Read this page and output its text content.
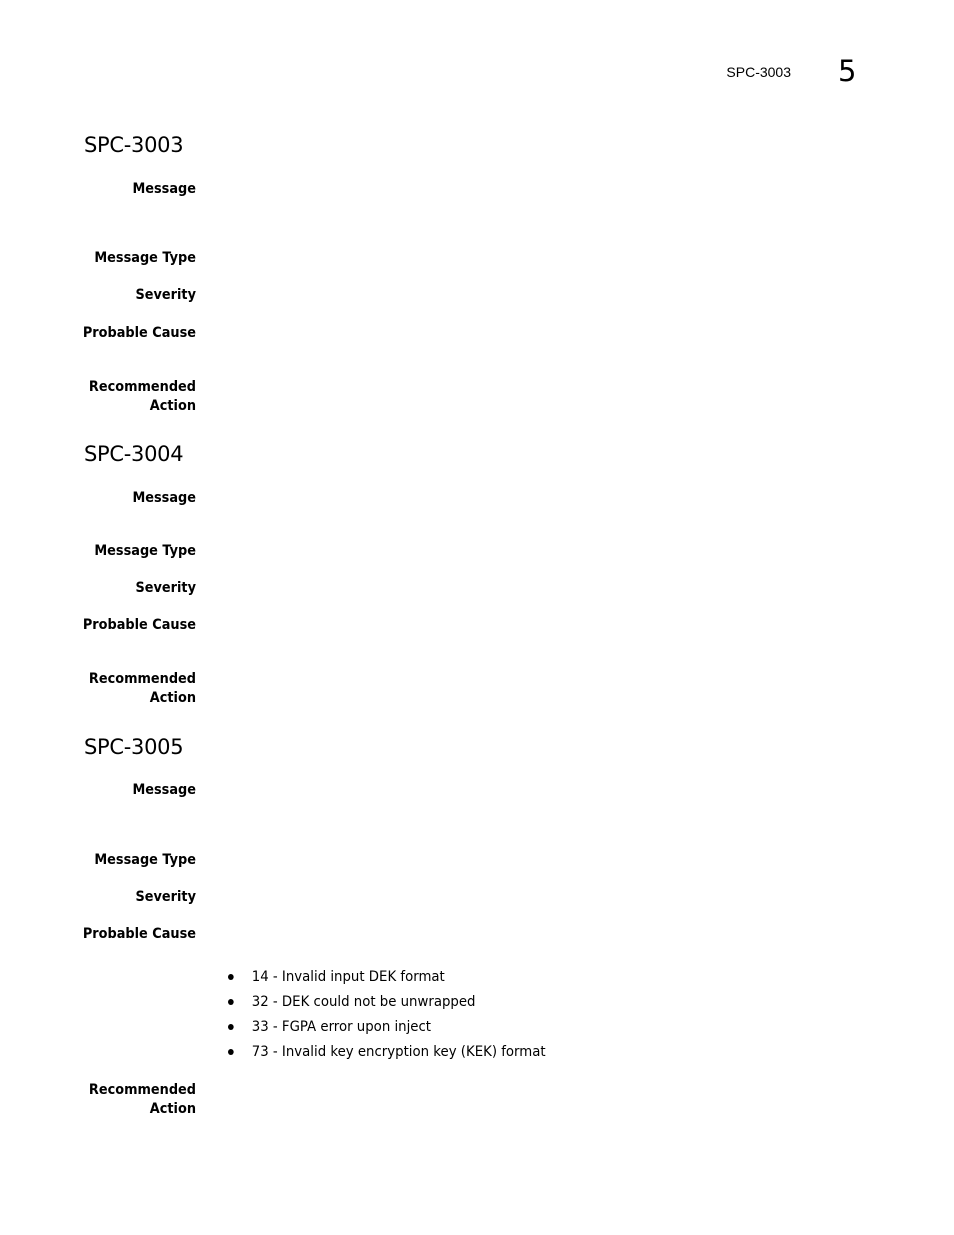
SPC-3003 5
SPC-3003
Message
Message Type
Severity
Probable Cause
Recommended
Action
SPC-3004
Message
Message Type
Severity
Probable Cause
Recommended
Action
SPC-3005
Message
Message Type
Severity
Probable Cause
14 - Invalid input DEK format
32 - DEK could not be unwrapped
33 - FGPA error upon inject
73 - Invalid key encryption key (KEK) format
Recommended
Action
